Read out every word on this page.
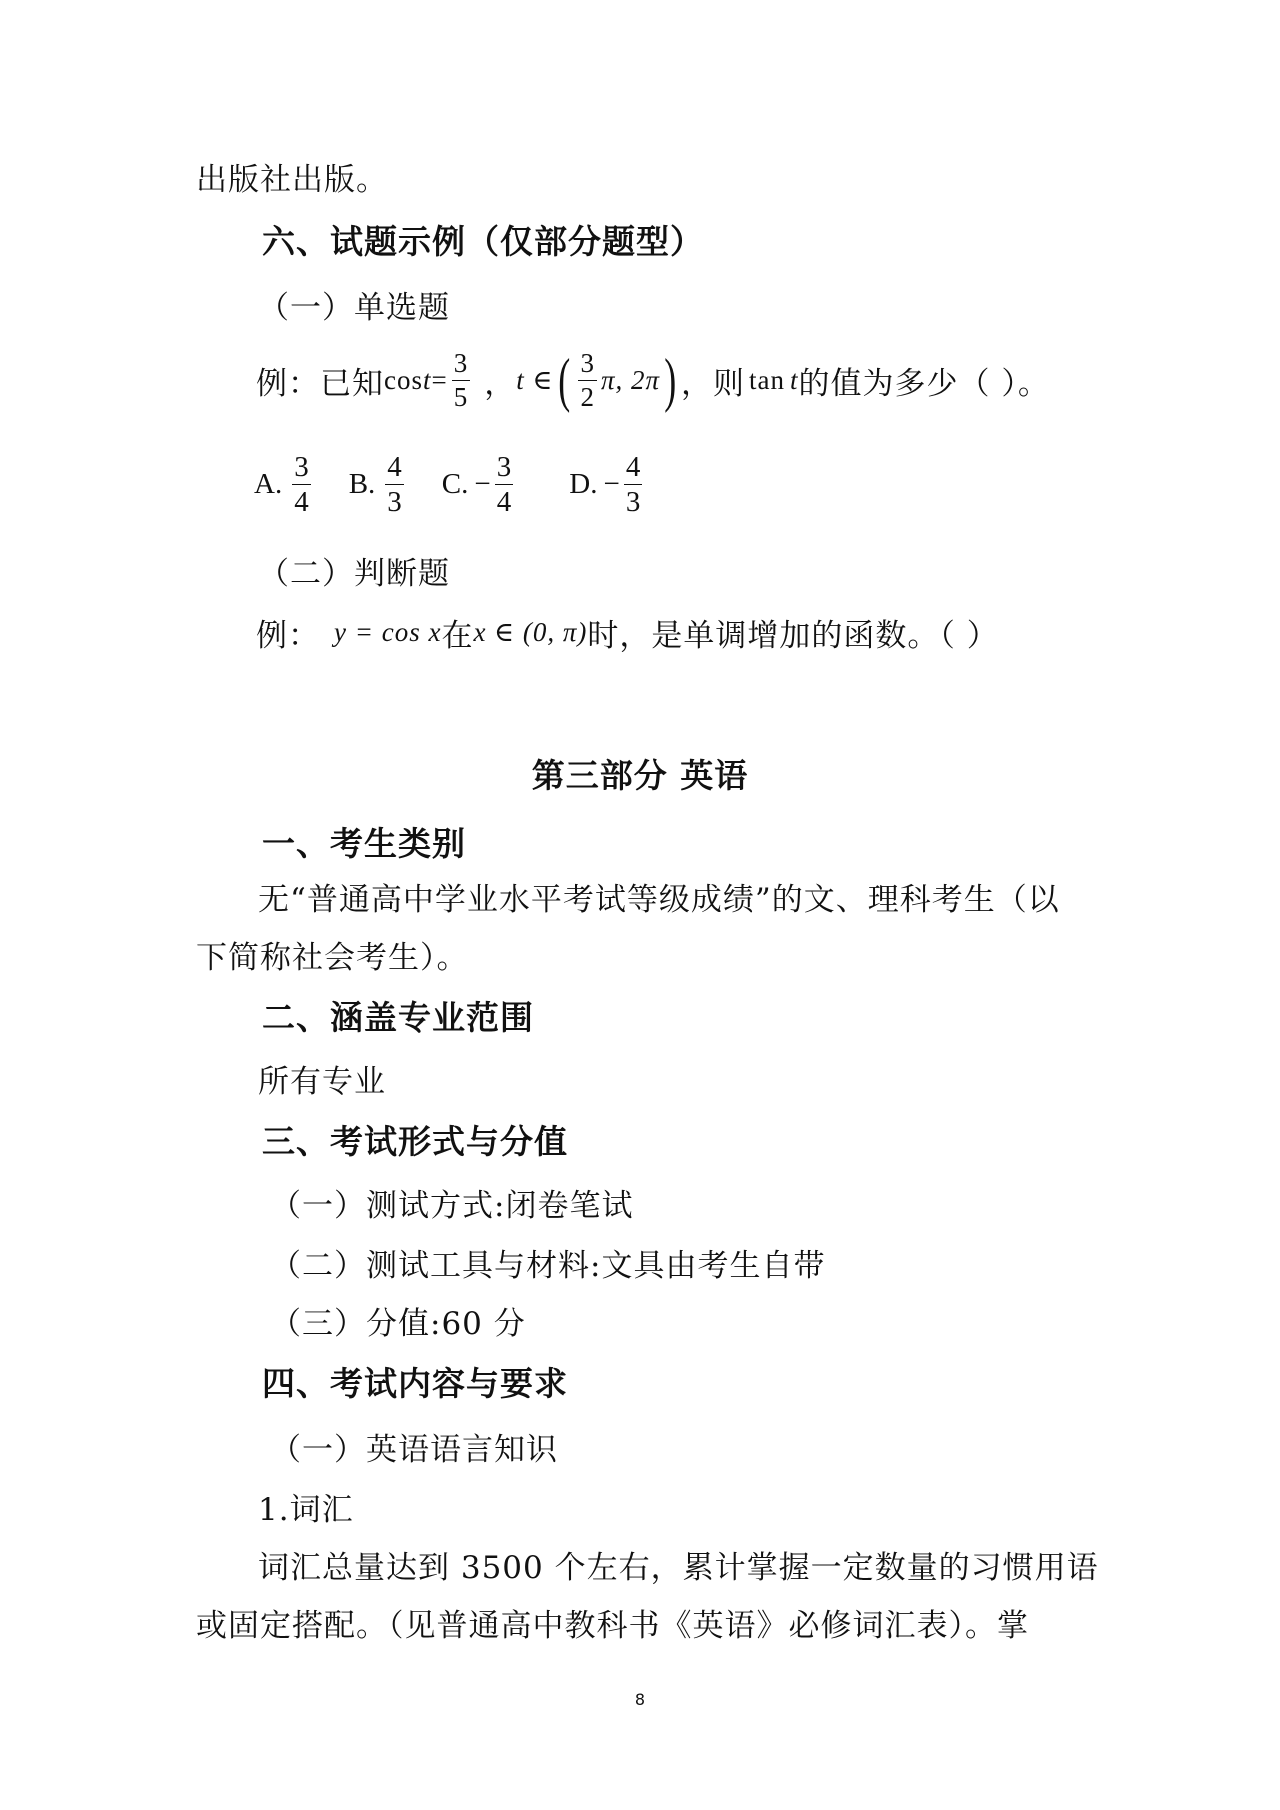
出版社出版。
六、试题示例（仅部分题型）
（一）单选题
例：已知 $\cos t = \frac{3}{5}$ ， t ∈ ( $\frac{3}{2} \pi$, 2π ) ，则 tan t 的值为多少（ ）。
A. $\frac{3}{4} B$. $\frac{4}{3} C$. − $\frac{3}{4} D$. − $\frac{4}{3}$
（二）判断题
例： y = cos x 在 x ∈ (0, π) 时，是单调增加的函数。（ ）
第三部分 英语
一、考生类别
无“普通高中学业水平考试等级成绩”的文、理科考生（以
下简称社会考生）。
二、涵盖专业范围
所有专业
三、考试形式与分值
（一）测试方式:闭卷笔试
（二）测试工具与材料:文具由考生自带
（三）分值:60 分
四、考试内容与要求
（一）英语语言知识
1.词汇
词汇总量达到 3500 个左右，累计掌握一定数量的习惯用语
或固定搭配。（见普通高中教科书《英语》必修词汇表）。掌
8
